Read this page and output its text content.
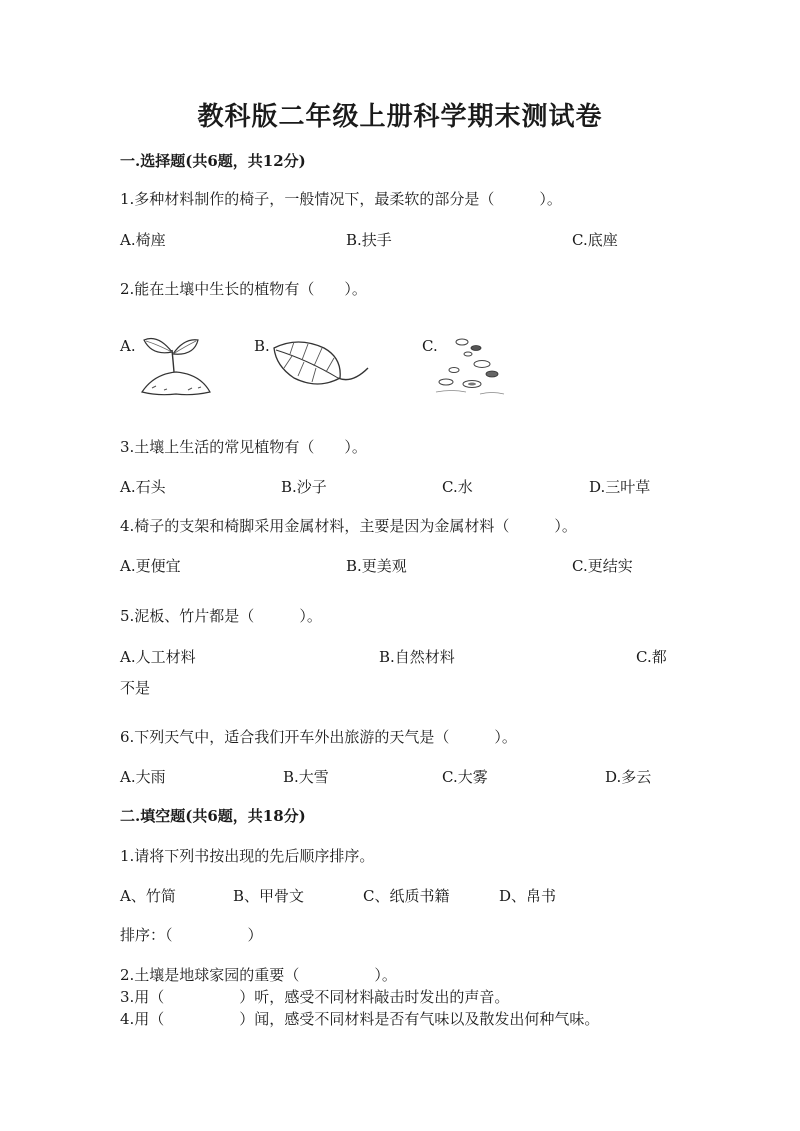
教科版二年级上册科学期末测试卷
一.选择题(共6题，共12分)
1.多种材料制作的椅子，一般情况下，最柔软的部分是（　　　）。
A.椅座	B.扶手	C.底座
2.能在土壤中生长的植物有（　　）。
A.	B.	C.
3.土壤上生活的常见植物有（　　）。
A.石头	B.沙子	C.水	D.三叶草
4.椅子的支架和椅脚采用金属材料，主要是因为金属材料（　　　）。
A.更便宜	B.更美观	C.更结实
5.泥板、竹片都是（　　　）。
A.人工材料	B.自然材料	C.都
不是
6.下列天气中，适合我们开车外出旅游的天气是（　　　）。
A.大雨	B.大雪	C.大雾	D.多云
二.填空题(共6题，共18分)
1.请将下列书按出现的先后顺序排序。
A、竹简	B、甲骨文	C、纸质书籍	D、帛书
排序：（　　　　　）
2.土壤是地球家园的重要（　　　　　）。
3.用（　　　　　）听，感受不同材料敲击时发出的声音。
4.用（　　　　　）闻，感受不同材料是否有气味以及散发出何种气味。
